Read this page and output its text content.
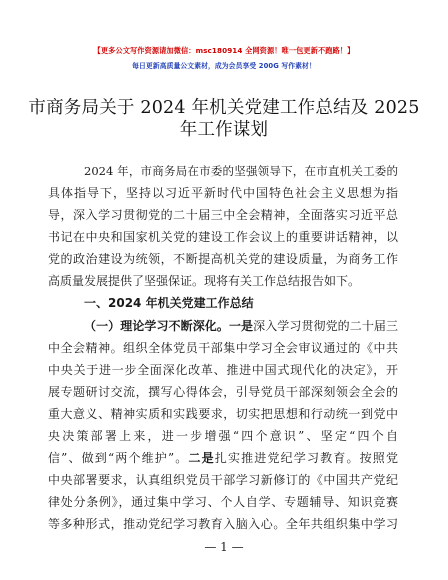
【更多公文写作资源请加微信：msc180914 全网资源！唯一包更新不跑路！】
每日更新高质量公文素材，成为会员享受 200G 写作素材！
市商务局关于 2024 年机关党建工作总结及 2025
年工作谋划
2024 年，市商务局在市委的坚强领导下，在市直机关工委的
具体指导下，坚持以习近平新时代中国特色社会主义思想为指
导，深入学习贯彻党的二十届三中全会精神，全面落实习近平总
书记在中央和国家机关党的建设工作会议上的重要讲话精神，以
党的政治建设为统领，不断提高机关党的建设质量，为商务工作
高质量发展提供了坚强保证。现将有关工作总结报告如下。
一、2024 年机关党建工作总结
（一）理论学习不断深化。一是深入学习贯彻党的二十届三
中全会精神。组织全体党员干部集中学习全会审议通过的《中共
中央关于进一步全面深化改革、推进中国式现代化的决定》，开
展专题研讨交流，撰写心得体会，引导党员干部深刻领会全会的
重大意义、精神实质和实践要求，切实把思想和行动统一到党中
央决策部署上来，进一步增强“四个意识”、坚定“四个自
信”、做到“两个维护”。二是扎实推进党纪学习教育。按照党
中央部署要求，认真组织党员干部学习新修订的《中国共产党纪
律处分条例》，通过集中学习、个人自学、专题辅导、知识竞赛
等多种形式，推动党纪学习教育入脑入心。全年共组织集中学习
— 1 —
